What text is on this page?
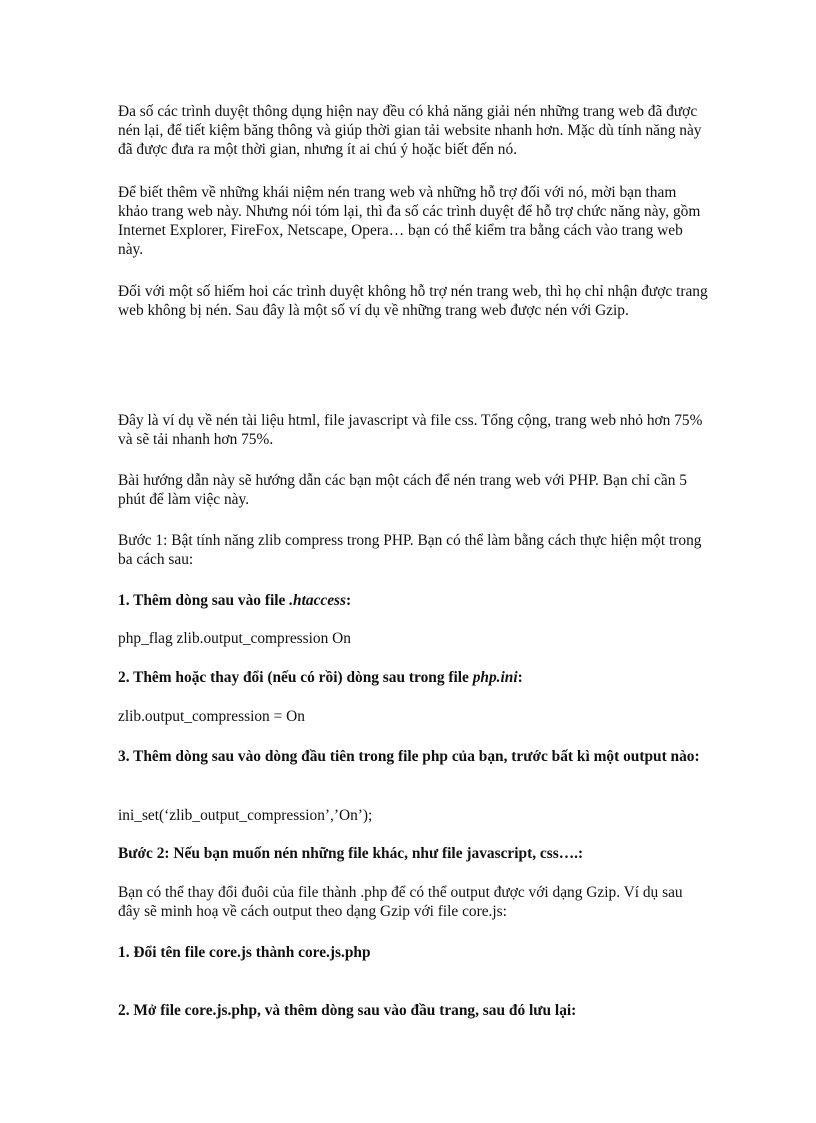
Đa số các trình duyệt thông dụng hiện nay đều có khả năng giải nén những trang web đã được nén lại, để tiết kiệm băng thông và giúp thời gian tải website nhanh hơn. Mặc dù tính năng này đã được đưa ra một thời gian, nhưng ít ai chú ý hoặc biết đến nó.

Để biết thêm về những khái niệm nén trang web và những hỗ trợ đối với nó, mời bạn tham khảo trang web này. Nhưng nói tóm lại, thì đa số các trình duyệt để hỗ trợ chức năng này, gồm Internet Explorer, FireFox, Netscape, Opera… bạn có thể kiểm tra bằng cách vào trang web này.

Đối với một số hiếm hoi các trình duyệt không hỗ trợ nén trang web, thì họ chỉ nhận được trang web không bị nén. Sau đây là một số ví dụ về những trang web được nén với Gzip.

Đây là ví dụ về nén tài liệu html, file javascript và file css. Tổng cộng, trang web nhỏ hơn 75% và sẽ tải nhanh hơn 75%.

Bài hướng dẫn này sẽ hướng dẫn các bạn một cách để nén trang web với PHP. Bạn chỉ cần 5 phút để làm việc này.

Bước 1: Bật tính năng zlib compress trong PHP. Bạn có thể làm bằng cách thực hiện một trong ba cách sau:

1. Thêm dòng sau vào file .htaccess:

php_flag zlib.output_compression On

2. Thêm hoặc thay đổi (nếu có rồi) dòng sau trong file php.ini:

zlib.output_compression = On

3. Thêm dòng sau vào dòng đầu tiên trong file php của bạn, trước bất kì một output nào:

ini_set(‘zlib_output_compression’,’On’);

Bước 2: Nếu bạn muốn nén những file khác, như file javascript, css….:

Bạn có thể thay đổi đuôi của file thành .php để có thể output được với dạng Gzip. Ví dụ sau đây sẽ minh hoạ về cách output theo dạng Gzip với file core.js:

1. Đổi tên file core.js thành core.js.php

2. Mở file core.js.php, và thêm dòng sau vào đầu trang, sau đó lưu lại:
